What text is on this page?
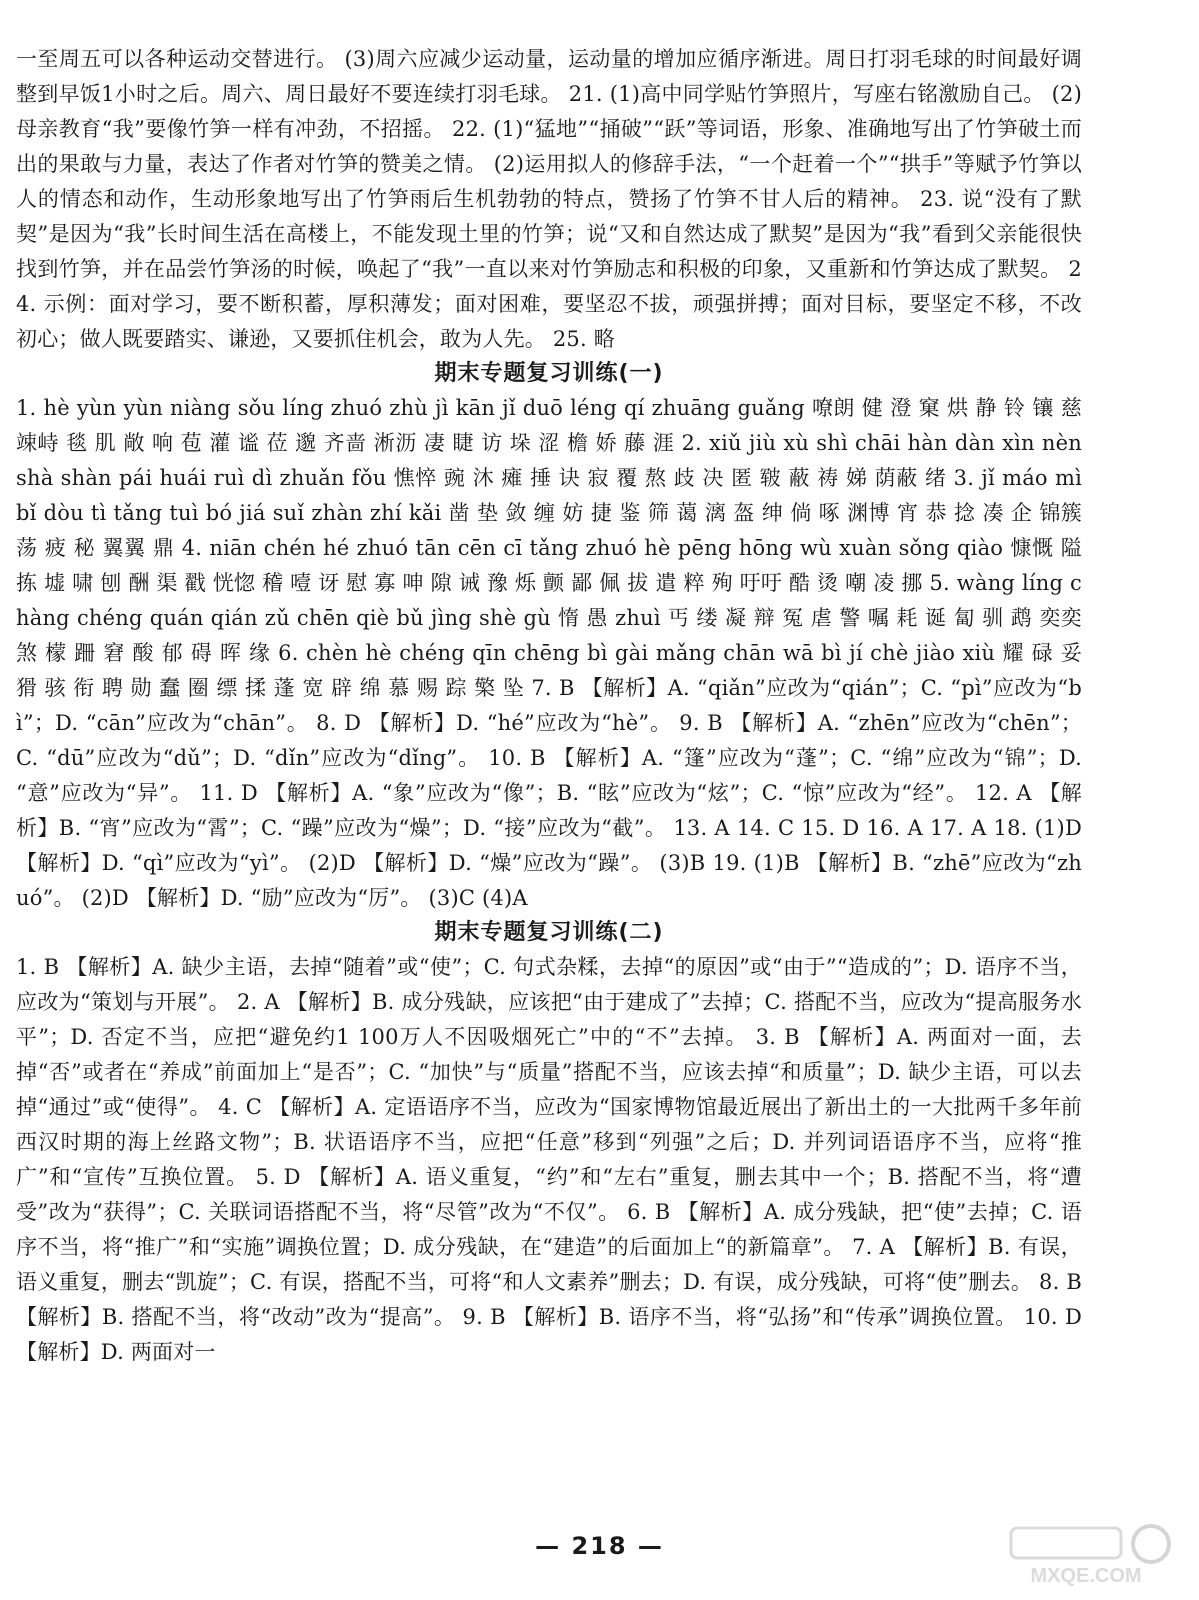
一至周五可以各种运动交替进行。 (3)周六应减少运动量，运动量的增加应循序渐进。周日打羽毛球的时间最好调整到早饭1小时之后。周六、周日最好不要连续打羽毛球。 21. (1)高中同学贴竹笋照片，写座右铭激励自己。 (2)母亲教育“我”要像竹笋一样有冲劲，不招摇。 22. (1)“猛地”“捅破”“跃”等词语，形象、准确地写出了竹笋破土而出的果敢与力量，表达了作者对竹笋的赞美之情。 (2)运用拟人的修辞手法，“一个赶着一个”“拱手”等赋予竹笋以人的情态和动作，生动形象地写出了竹笋雨后生机勃勃的特点，赞扬了竹笋不甘人后的精神。 23. 说“没有了默契”是因为“我”长时间生活在高楼上，不能发现土里的竹笋；说“又和自然达成了默契”是因为“我”看到父亲能很快找到竹笋，并在品尝竹笋汤的时候，唤起了“我”一直以来对竹笋励志和积极的印象，又重新和竹笋达成了默契。 24. 示例：面对学习，要不断积蓄，厚积薄发；面对困难，要坚忍不拔，顽强拼搏；面对目标，要坚定不移，不改初心；做人既要踏实、谦逊，又要抓住机会，敢为人先。 25. 略

期末专题复习训练(一)

1. hè yùn yùn niàng sǒu líng zhuó zhù jì kān jǐ duō léng qí zhuāng guǎng 嘹朗 健 澄 窠 烘 静 铃 镶 慈 竦峙 毯 肌 敞 响 苞 灌 谧 莅 邈 齐啬 淅沥 凄 睫 访 垛 涩 檐 娇 藤 涯 2. xiǔ jiù xù shì chāi hàn dàn xìn nèn shà shàn pái huái ruì dì zhuǎn fǒu 憔悴 豌 沐 瘫 捶 诀 寂 覆 熬 歧 决 匿 皲 蔽 祷 娣 荫蔽 绪 3. jǐ máo mì bǐ dòu tì tǎng tuì bó jiá suǐ zhàn zhí kǎi 凿 垫 敛 缠 妨 捷 鉴 筛 蔼 漓 盔 绅 倘 啄 渊博 宵 恭 捻 凑 企 锦簇 荡 疲 秘 翼翼 鼎 4. niān chén hé zhuó tān cēn cī tǎng zhuó hè pēng hōng wù xuàn sǒng qiào 慷慨 隘 拣 墟 啸 刨 酬 渠 戳 恍惚 稽 噎 讶 慰 寡 呻 隙 诫 豫 烁 颤 鄙 佩 拔 遣 粹 殉 吁吁 酷 烫 嘲 凌 挪 5. wàng líng chàng chéng quán qián zǔ chēn qiè bǔ jìng shè gù 惰 愚 zhuì 丐 缕 凝 辩 冤 虐 警 嘱 耗 诞 匐 驯 鹉 奕奕 煞 檬 跚 窘 酸 郁 碍 晖 缘 6. chèn hè chéng qīn chēng bì gài mǎng chān wā bì jí chè jiào xiù 耀 碌 妥 猾 骇 衔 聘 勋 蠢 圈 缥 揉 蓬 宽 辟 绵 慕 赐 踪 檠 坠 7. B 【解析】A. “qiǎn”应改为“qián”；C. “pì”应改为“bì”；D. “cān”应改为“chān”。 8. D 【解析】D. “hé”应改为“hè”。 9. B 【解析】A. “zhēn”应改为“chēn”；C. “dū”应改为“dǔ”；D. “dǐn”应改为“dǐng”。 10. B 【解析】A. “篷”应改为“蓬”；C. “绵”应改为“锦”；D. “意”应改为“异”。 11. D 【解析】A. “象”应改为“像”；B. “眩”应改为“炫”；C. “惊”应改为“经”。 12. A 【解析】B. “宵”应改为“霄”；C. “躁”应改为“燥”；D. “接”应改为“截”。 13. A 14. C 15. D 16. A 17. A 18. (1)D 【解析】D. “qì”应改为“yì”。 (2)D 【解析】D. “燥”应改为“躁”。 (3)B 19. (1)B 【解析】B. “zhē”应改为“zhuó”。 (2)D 【解析】D. “励”应改为“厉”。 (3)C (4)A

期末专题复习训练(二)

1. B 【解析】A. 缺少主语，去掉“随着”或“使”；C. 句式杂糅，去掉“的原因”或“由于”“造成的”；D. 语序不当，应改为“策划与开展”。 2. A 【解析】B. 成分残缺，应该把“由于建成了”去掉；C. 搭配不当，应改为“提高服务水平”；D. 否定不当，应把“避免约1 100万人不因吸烟死亡”中的“不”去掉。 3. B 【解析】A. 两面对一面，去掉“否”或者在“养成”前面加上“是否”；C. “加快”与“质量”搭配不当，应该去掉“和质量”；D. 缺少主语，可以去掉“通过”或“使得”。 4. C 【解析】A. 定语语序不当，应改为“国家博物馆最近展出了新出土的一大批两千多年前西汉时期的海上丝路文物”；B. 状语语序不当，应把“任意”移到“列强”之后；D. 并列词语语序不当，应将“推广”和“宣传”互换位置。 5. D 【解析】A. 语义重复，“约”和“左右”重复，删去其中一个；B. 搭配不当，将“遭受”改为“获得”；C. 关联词语搭配不当，将“尽管”改为“不仅”。 6. B 【解析】A. 成分残缺，把“使”去掉；C. 语序不当，将“推广”和“实施”调换位置；D. 成分残缺，在“建造”的后面加上“的新篇章”。 7. A 【解析】B. 有误，语义重复，删去“凯旋”；C. 有误，搭配不当，可将“和人文素养”删去；D. 有误，成分残缺，可将“使”删去。 8. B 【解析】B. 搭配不当，将“改动”改为“提高”。 9. B 【解析】B. 语序不当，将“弘扬”和“传承”调换位置。 10. D 【解析】D. 两面对一

— 218 —
MXQE.COM
